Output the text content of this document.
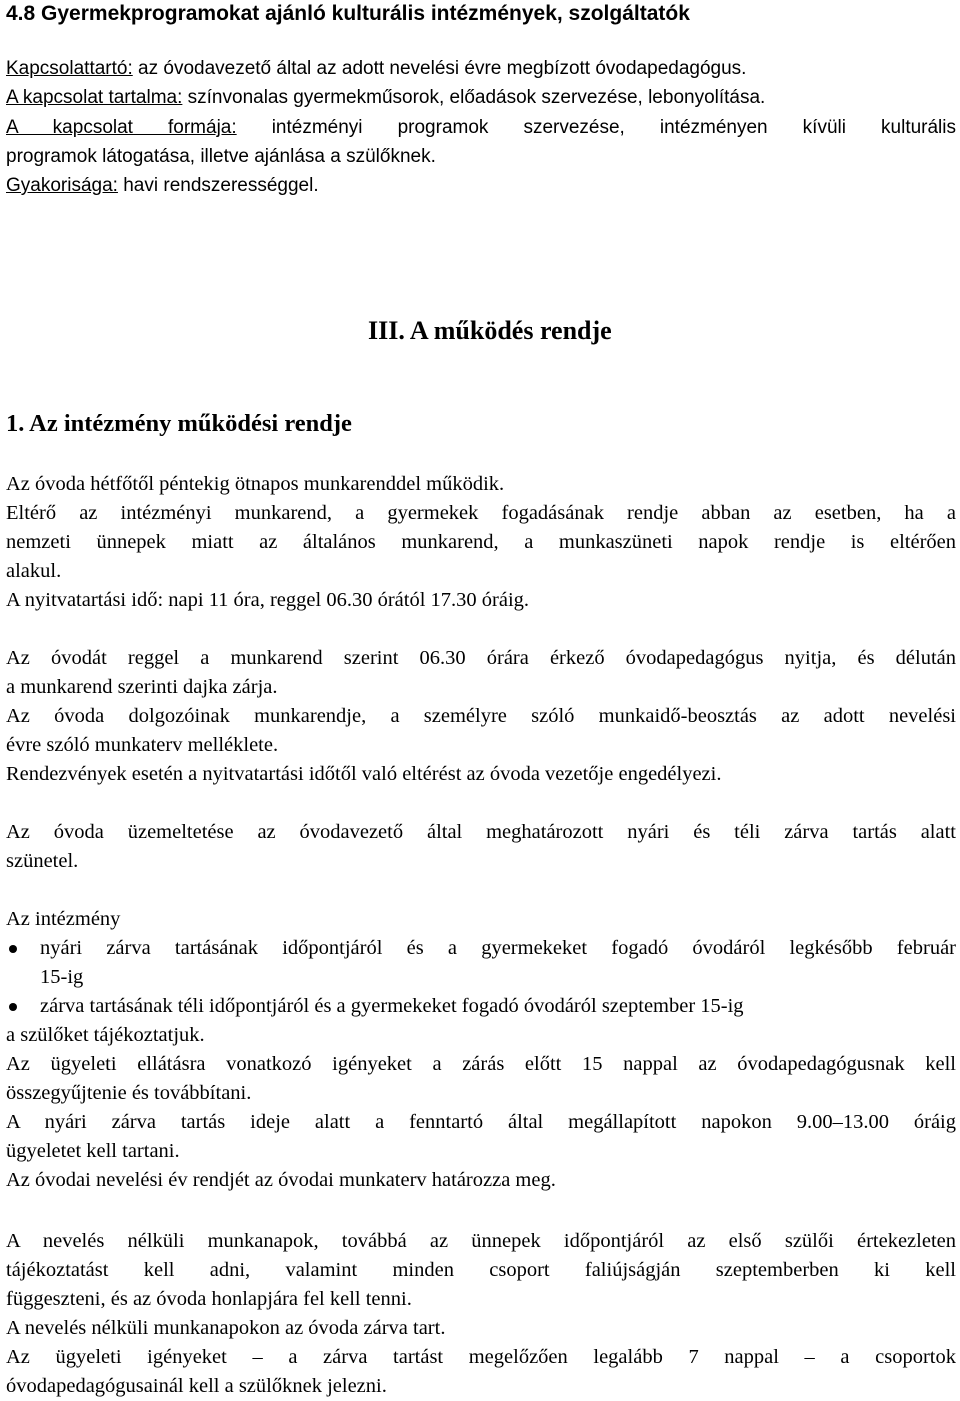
4.8 Gyermekprogramokat ajánló kulturális intézmények, szolgáltatók
Kapcsolattartó: az óvodavezető által az adott nevelési évre megbízott óvodapedagógus.
A kapcsolat tartalma: színvonalas gyermekműsorok, előadások szervezése, lebonyolítása.
A kapcsolat formája: intézményi programok szervezése, intézményen kívüli kulturális
programok látogatása, illetve ajánlása a szülőknek.
Gyakorisága: havi rendszerességgel.
III. A működés rendje
1. Az intézmény működési rendje
Az óvoda hétfőtől péntekig ötnapos munkarenddel működik.
Eltérő az intézményi munkarend, a gyermekek fogadásának rendje abban az esetben, ha a
nemzeti ünnepek miatt az általános munkarend, a munkaszüneti napok rendje is eltérően
alakul.
A nyitvatartási idő: napi 11 óra, reggel 06.30 órától 17.30 óráig.
Az óvodát reggel a munkarend szerint 06.30 órára érkező óvodapedagógus nyitja, és délután
a munkarend szerinti dajka zárja.
Az óvoda dolgozóinak munkarendje, a személyre szóló munkaidő-beosztás az adott nevelési
évre szóló munkaterv melléklete.
Rendezvények esetén a nyitvatartási időtől való eltérést az óvoda vezetője engedélyezi.
Az óvoda üzemeltetése az óvodavezető által meghatározott nyári és téli zárva tartás alatt
szünetel.
Az intézmény
nyári zárva tartásának időpontjáról és a gyermekeket fogadó óvodáról legkésőbb február
15-ig
zárva tartásának téli időpontjáról és a gyermekeket fogadó óvodáról szeptember 15-ig
a szülőket tájékoztatjuk.
Az ügyeleti ellátásra vonatkozó igényeket a zárás előtt 15 nappal az óvodapedagógusnak kell
összegyűjtenie és továbbítani.
A nyári zárva tartás ideje alatt a fenntartó által megállapított napokon 9.00–13.00 óráig
ügyeletet kell tartani.
Az óvodai nevelési év rendjét az óvodai munkaterv határozza meg.
A nevelés nélküli munkanapok, továbbá az ünnepek időpontjáról az első szülői értekezleten
tájékoztatást kell adni, valamint minden csoport faliújságján szeptemberben ki kell
függeszteni, és az óvoda honlapjára fel kell tenni.
A nevelés nélküli munkanapokon az óvoda zárva tart.
Az ügyeleti igényeket – a zárva tartást megelőzően legalább 7 nappal – a csoportok
óvodapedagógusainál kell a szülőknek jelezni.
